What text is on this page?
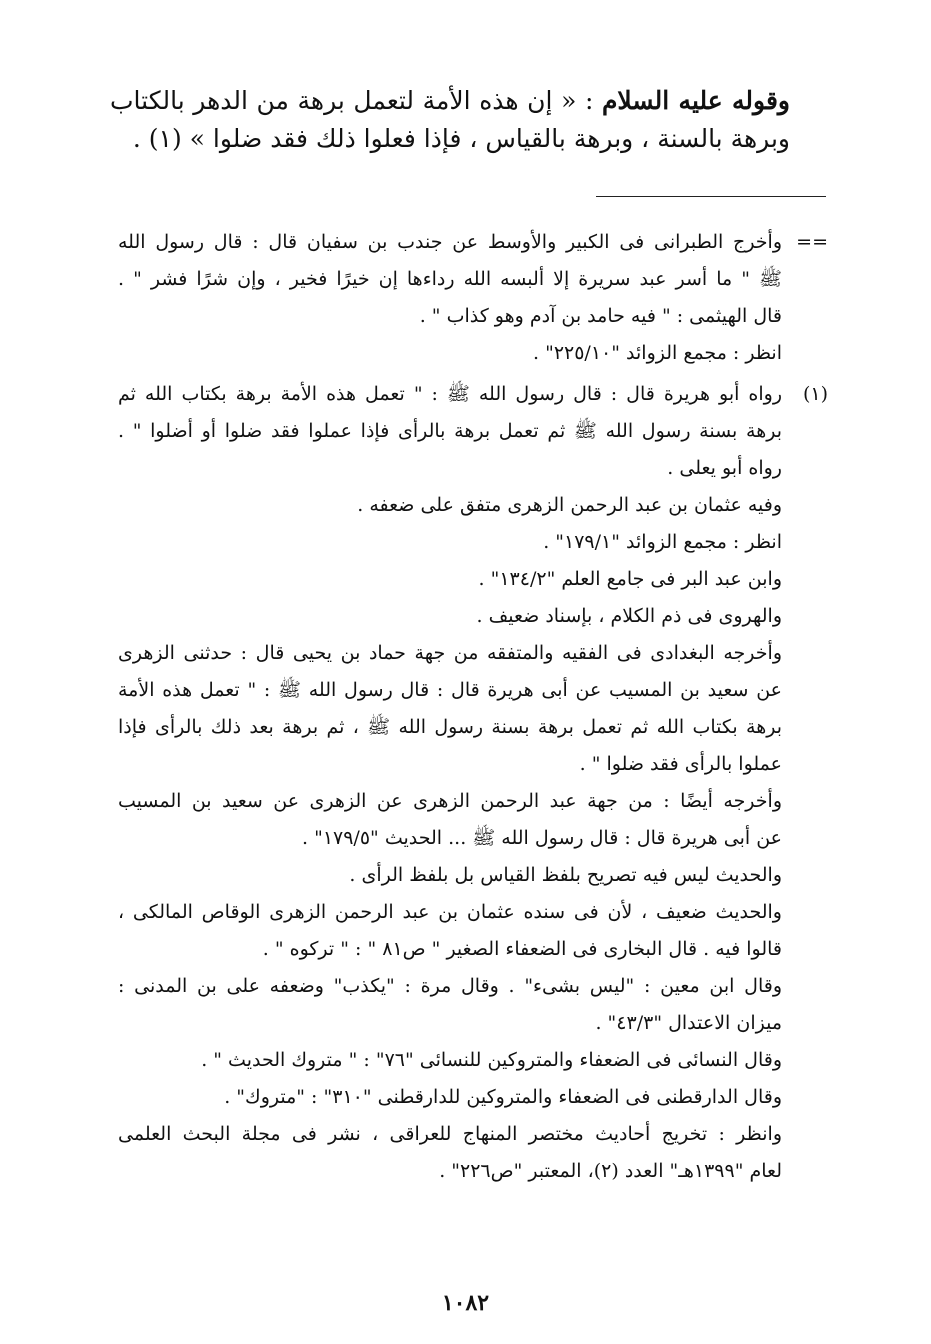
وقوله عليه السلام : « إن هذه الأمة لتعمل برهة من الدهر بالكتاب وبرهة بالسنة ، وبرهة بالقياس ، فإذا فعلوا ذلك فقد ضلوا » (١) .
==
وأخرج الطبرانى فى الكبير والأوسط عن جندب بن سفيان قال : قال رسول الله
ﷺ " ما أسر عبد سريرة إلا ألبسه الله رداءها إن خيرًا فخير ، وإن شرًا فشر " .
قال الهيثمى : " فيه حامد بن آدم وهو كذاب " .
انظر : مجمع الزوائد "٢٢٥/١٠" .
(١)
رواه أبو هريرة قال : قال رسول الله ﷺ : " تعمل هذه الأمة برهة بكتاب الله ثم
برهة بسنة رسول الله ﷺ ثم تعمل برهة بالرأى فإذا عملوا فقد ضلوا أو أضلوا " .
رواه أبو يعلى .
وفيه عثمان بن عبد الرحمن الزهرى متفق على ضعفه .
انظر : مجمع الزوائد "١٧٩/١" .
وابن عبد البر فى جامع العلم "١٣٤/٢" .
والهروى فى ذم الكلام ، بإسناد ضعيف .
وأخرجه البغدادى فى الفقيه والمتفقه من جهة حماد بن يحيى قال : حدثنى الزهرى
عن سعيد بن المسيب عن أبى هريرة قال : قال رسول الله ﷺ : " تعمل هذه الأمة
برهة بكتاب الله ثم تعمل برهة بسنة رسول الله ﷺ ، ثم برهة بعد ذلك بالرأى فإذا
عملوا بالرأى فقد ضلوا " .
وأخرجه أيضًا : من جهة عبد الرحمن الزهرى عن الزهرى عن سعيد بن المسيب
عن أبى هريرة قال : قال رسول الله ﷺ ... الحديث "١٧٩/٥" .
والحديث ليس فيه تصريح بلفظ القياس بل بلفظ الرأى .
والحديث ضعيف ، لأن فى سنده عثمان بن عبد الرحمن الزهرى الوقاص المالكى ،
قالوا فيه . قال البخارى فى الضعفاء الصغير " ص٨١ " : " تركوه " .
وقال ابن معين : "ليس بشىء" . وقال مرة : "يكذب" وضعفه على بن المدنى :
ميزان الاعتدال "٤٣/٣" .
وقال النسائى فى الضعفاء والمتروكين للنسائى "٧٦" : " متروك الحديث " .
وقال الدارقطنى فى الضعفاء والمتروكين للدارقطنى "٣١٠" : "متروك" .
وانظر : تخريج أحاديث مختصر المنهاج للعراقى ، نشر فى مجلة البحث العلمى
لعام "١٣٩٩هـ" العدد (٢)، المعتبر "ص٢٢٦" .
١٠٨٢
